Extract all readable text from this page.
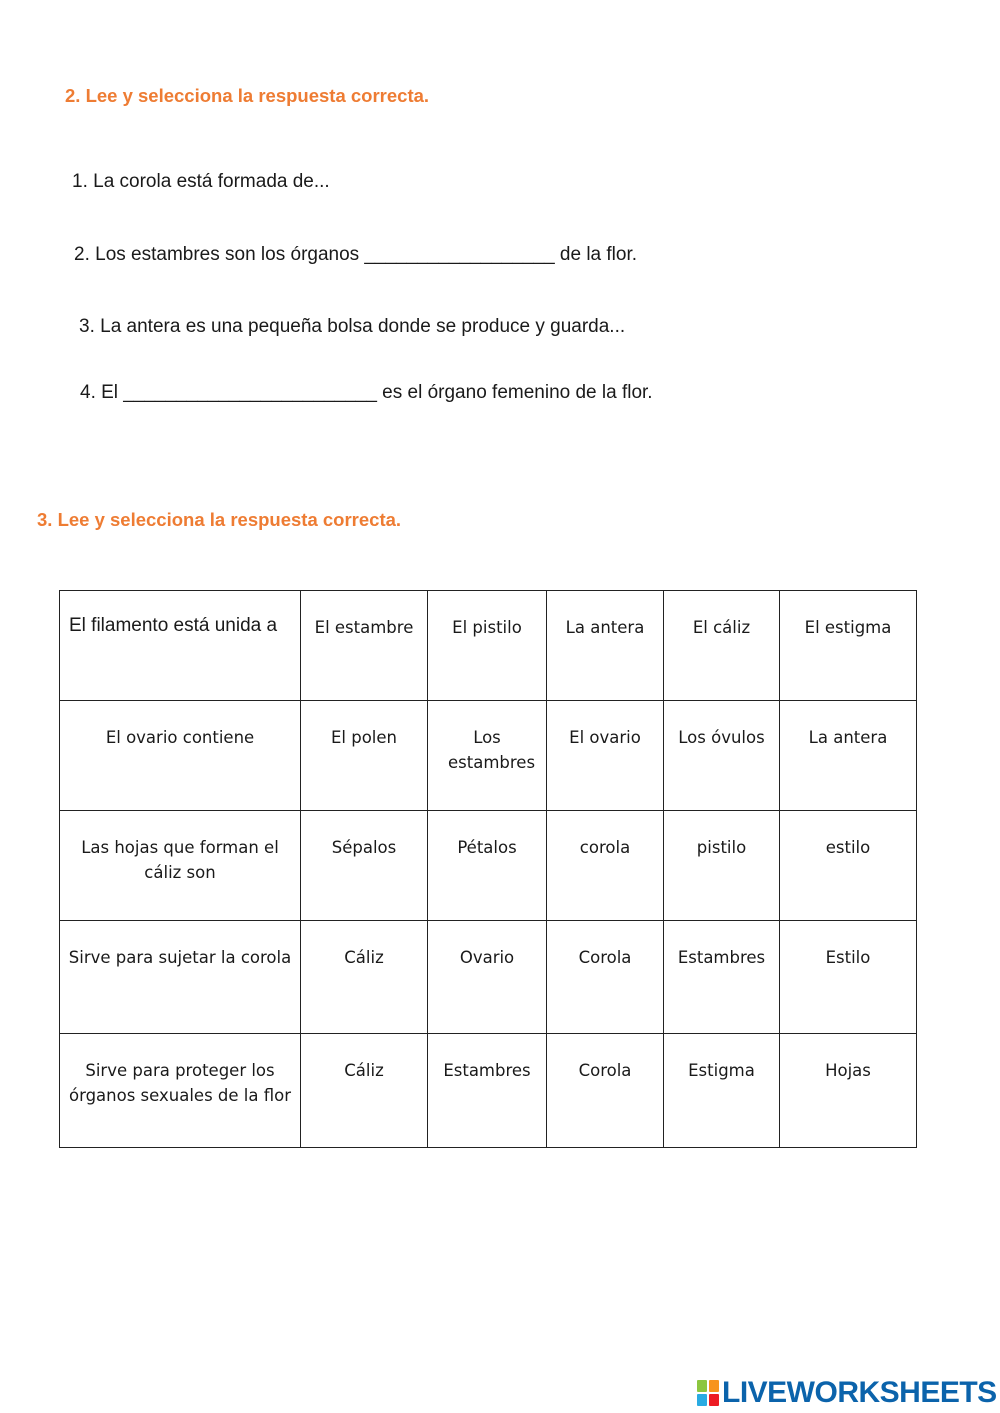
2. Lee y selecciona la respuesta correcta.
1. La corola está formada de...
2. Los estambres son los órganos __________________ de la flor.
3. La antera es una pequeña bolsa donde se produce y guarda...
4. El ________________________ es el órgano femenino de la flor.
3. Lee y selecciona la respuesta correcta.
El filamento está unida a	El estambre	El pistilo	La antera	El cáliz	El estigma
El ovario contiene	El polen	Los estambres	El ovario	Los óvulos	La antera
Las hojas que forman el cáliz son	Sépalos	Pétalos	corola	pistilo	estilo
Sirve para sujetar la corola	Cáliz	Ovario	Corola	Estambres	Estilo
Sirve para proteger los órganos sexuales de la flor	Cáliz	Estambres	Corola	Estigma	Hojas
LIVEWORKSHEETS
